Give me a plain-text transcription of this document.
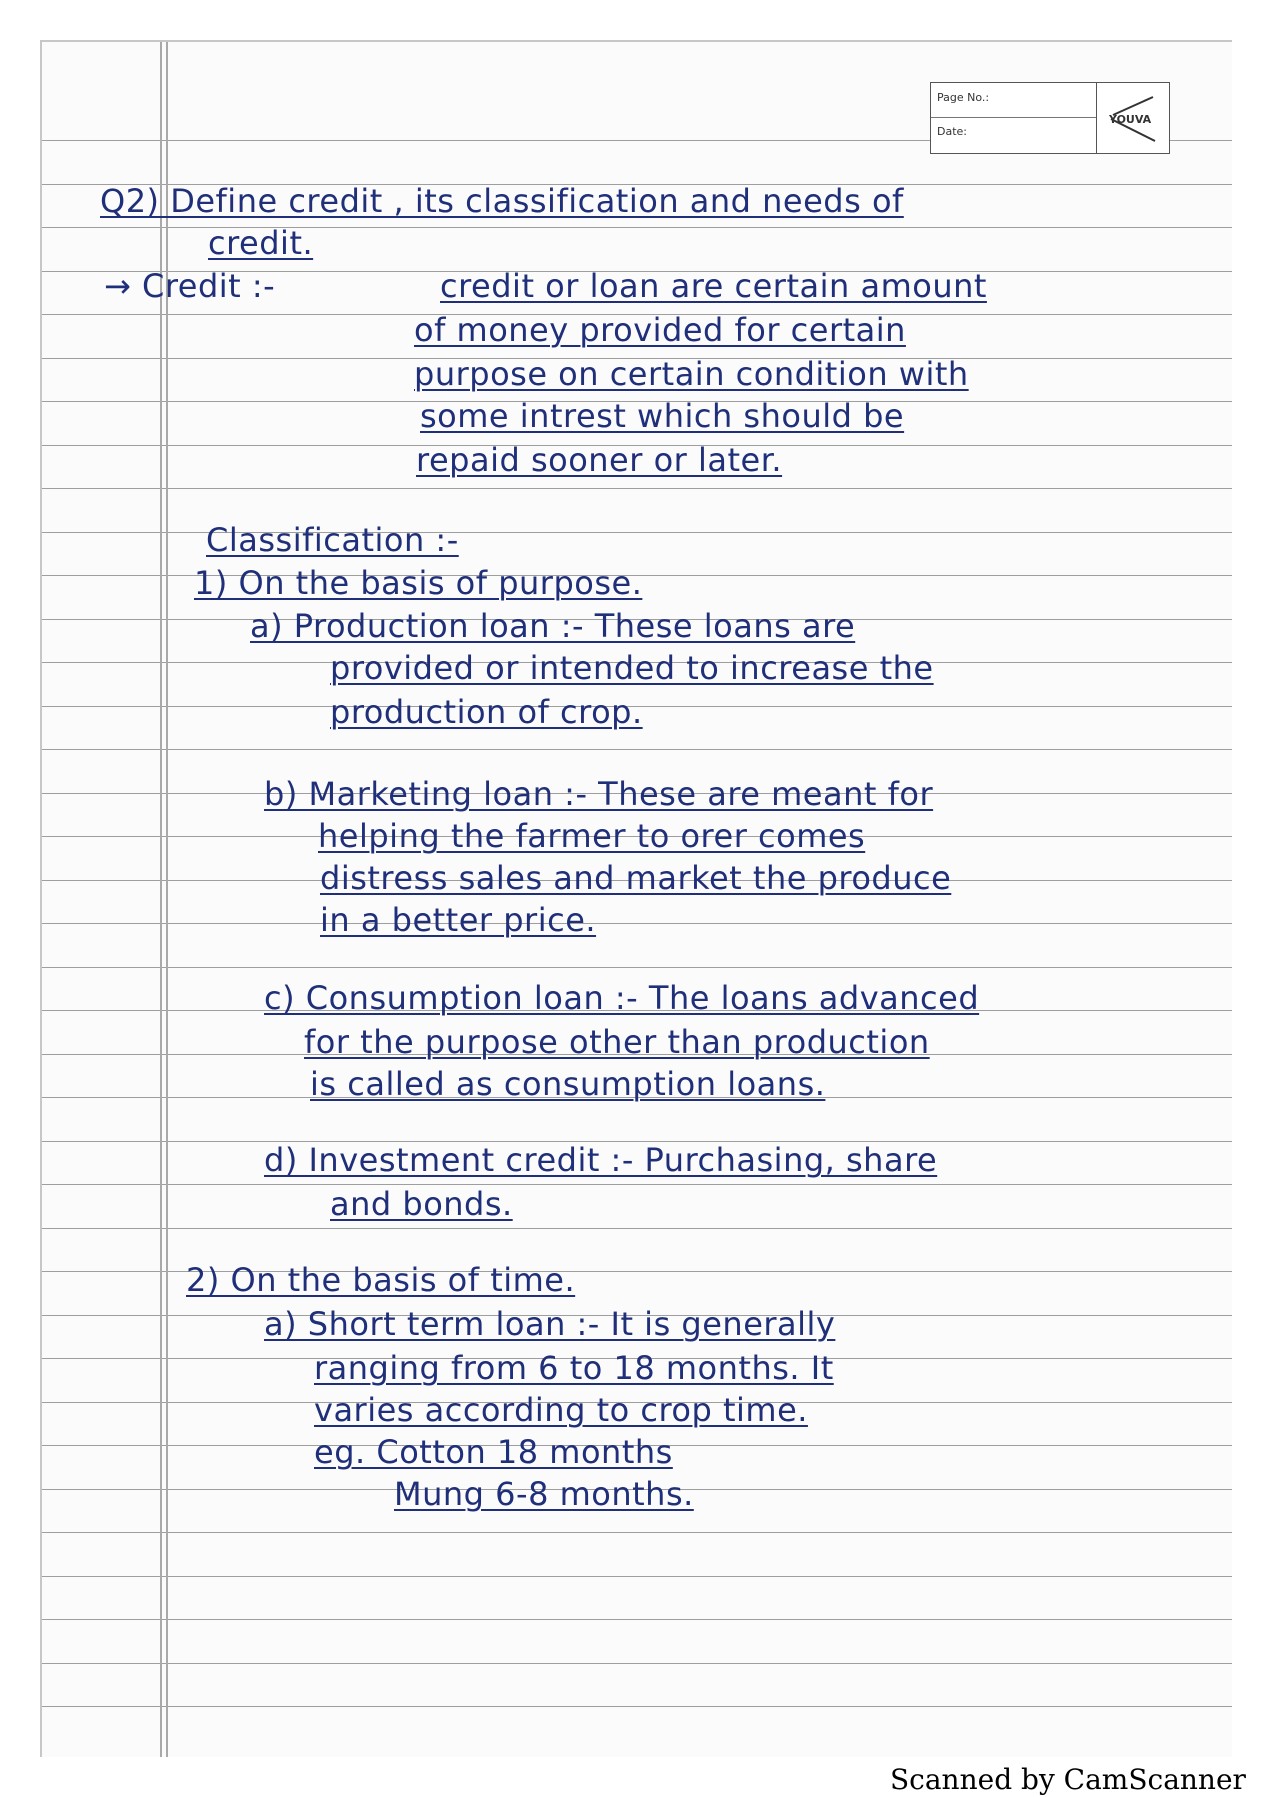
Page No.:
Date:
YOUVA
Q2) Define credit , its classification and needs of
credit.
→ Credit :-	credit or loan are certain amount
of money provided for certain
purpose on certain condition with
some intrest which should be
repaid sooner or later.
Classification :-
1) On the basis of purpose.
a) Production loan :- These loans are
provided or intended to increase the
production of crop.
b) Marketing loan :- These are meant for
helping the farmer to orer comes
distress sales and market the produce
in a better price.
c) Consumption loan :- The loans advanced
for the purpose other than production
is called as consumption loans.
d) Investment credit :- Purchasing, share
and bonds.
2) On the basis of time.
a) Short term loan :- It is generally
ranging from 6 to 18 months. It
varies according to crop time.
eg. Cotton 18 months
Mung 6-8 months.
Scanned by CamScanner
